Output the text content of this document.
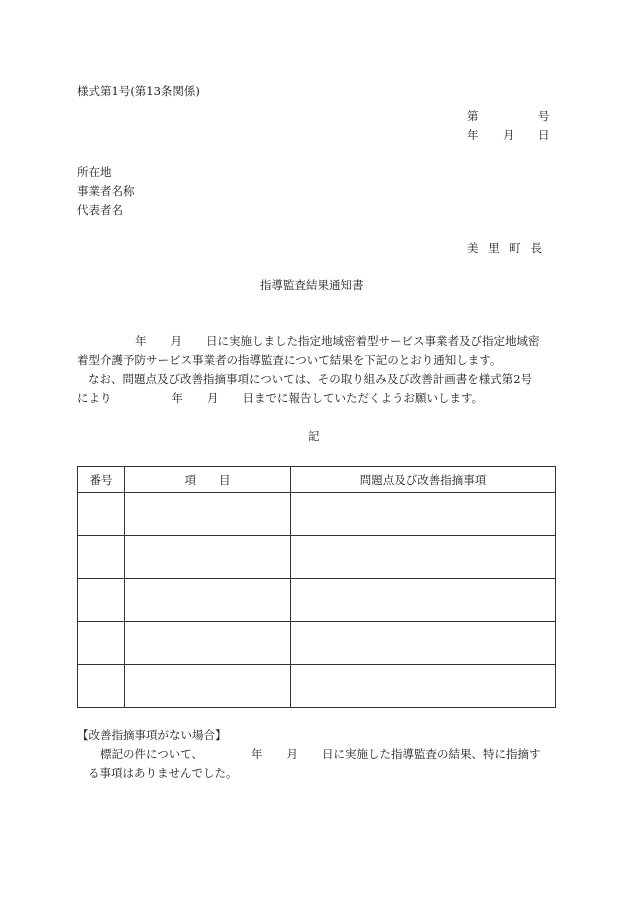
様式第1号(第13条関係)
第	号
年 月 日
所在地
事業者名称
代表者名
美 里 町 長
指導監査結果通知書
年 月 日に実施しました指定地域密着型サービス事業者及び指定地域密
着型介護予防サービス事業者の指導監査について結果を下記のとおり通知します。
なお、問題点及び改善指摘事項については、その取り組み及び改善計画書を様式第2号
により	年 月 日までに報告していただくようお願いします。
記
番号	項　　目	問題点及び改善指摘事項

【改善指摘事項がない場合】
標記の件について、	年 月 日に実施した指導監査の結果、特に指摘す
る事項はありませんでした。
